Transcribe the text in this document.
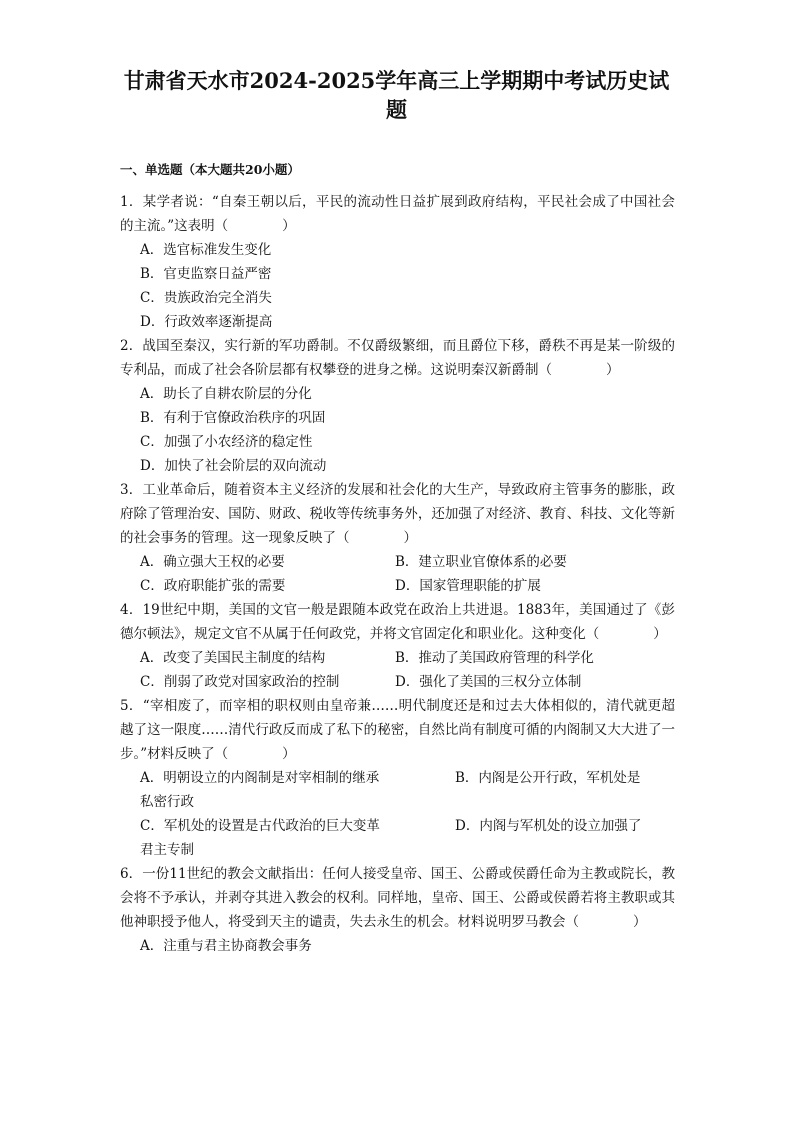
甘肃省天水市2024-2025学年高三上学期期中考试历史试
题
一、单选题（本大题共20小题）

1．某学者说：“自秦王朝以后，平民的流动性日益扩展到政府结构，平民社会成了中国社会的主流。”这表明（　　　　）

A．选官标准发生变化

B．官吏监察日益严密

C．贵族政治完全消失

D．行政效率逐渐提高

2．战国至秦汉，实行新的军功爵制。不仅爵级繁细，而且爵位下移，爵秩不再是某一阶级的专利品，而成了社会各阶层都有权攀登的进身之梯。这说明秦汉新爵制（　　　　）

A．助长了自耕农阶层的分化

B．有利于官僚政治秩序的巩固

C．加强了小农经济的稳定性

D．加快了社会阶层的双向流动

3．工业革命后，随着资本主义经济的发展和社会化的大生产，导致政府主管事务的膨胀，政府除了管理治安、国防、财政、税收等传统事务外，还加强了对经济、教育、科技、文化等新的社会事务的管理。这一现象反映了（　　　　）

A．确立强大王权的必要	B．建立职业官僚体系的必要

C．政府职能扩张的需要	D．国家管理职能的扩展

4．19世纪中期，美国的文官一般是跟随本政党在政治上共进退。1883年，美国通过了《彭德尔顿法》，规定文官不从属于任何政党，并将文官固定化和职业化。这种变化（　　　　）

A．改变了美国民主制度的结构	B．推动了美国政府管理的科学化

C．削弱了政党对国家政治的控制	D．强化了美国的三权分立体制

5．“宰相废了，而宰相的职权则由皇帝兼……明代制度还是和过去大体相似的，清代就更超越了这一限度……清代行政反而成了私下的秘密，自然比尚有制度可循的内阁制又大大进了一步。”材料反映了（　　　　）

A．明朝设立的内阁制是对宰相制的继承	B．内阁是公开行政，军机处是

私密行政

C．军机处的设置是古代政治的巨大变革	D．内阁与军机处的设立加强了

君主专制

6．一份11世纪的教会文献指出：任何人接受皇帝、国王、公爵或侯爵任命为主教或院长，教会将不予承认，并剥夺其进入教会的权利。同样地，皇帝、国王、公爵或侯爵若将主教职或其他神职授予他人，将受到天主的谴责，失去永生的机会。材料说明罗马教会（　　　　）

A．注重与君主协商教会事务
